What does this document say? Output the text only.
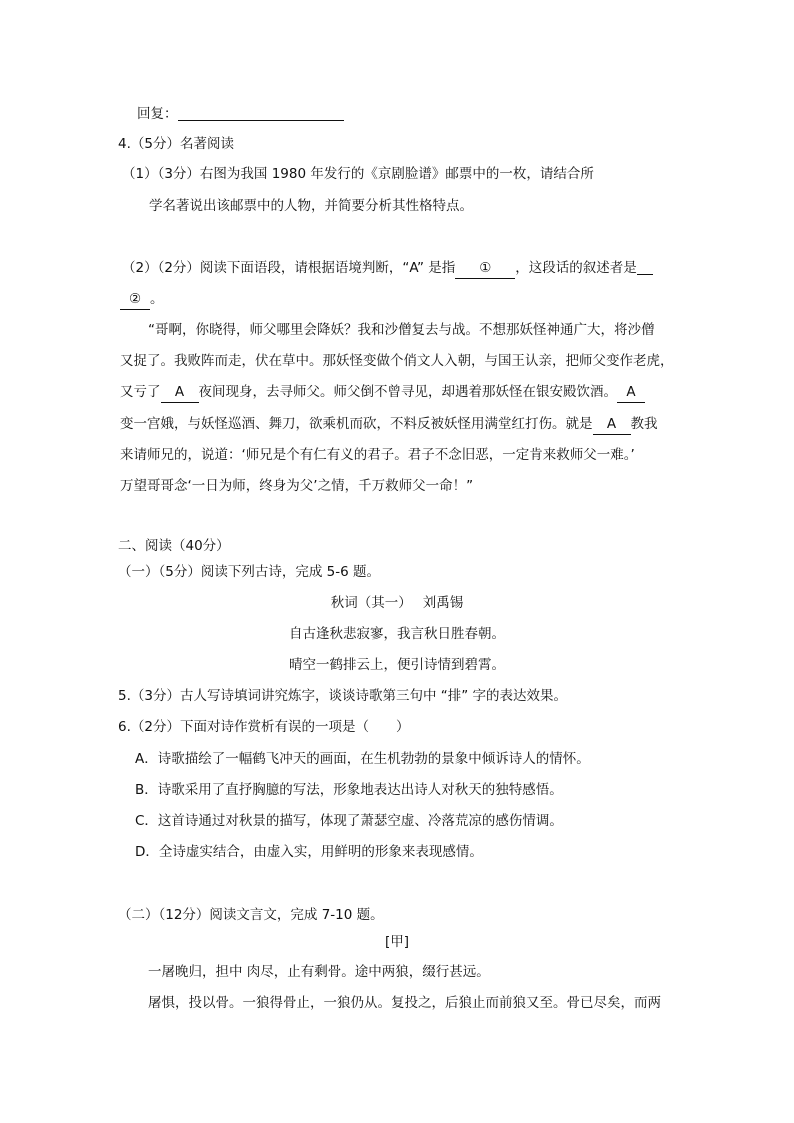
回复：
4.（5分）名著阅读
（1）（3分）右图为我国 1980 年发行的《京剧脸谱》邮票中的一枚，请结合所
学名著说出该邮票中的人物，并简要分析其性格特点。
（2）（2分）阅读下面语段，请根据语境判断，“A” 是指 ① ，这段话的叙述者是
② 。
“哥啊，你晓得，师父哪里会降妖？我和沙僧复去与战。不想那妖怪神通广大，将沙僧
又捉了。我败阵而走，伏在草中。那妖怪变做个俏文人入朝，与国王认亲，把师父变作老虎，
又亏了 A 夜间现身，去寻师父。师父倒不曾寻见，却遇着那妖怪在银安殿饮酒。 A
变一宫娥，与妖怪巡酒、舞刀，欲乘机而砍，不料反被妖怪用满堂红打伤。就是 A 教我
来请师兄的，说道：‘师兄是个有仁有义的君子。君子不念旧恶，一定肯来救师父一难。’
万望哥哥念‘一日为师，终身为父’之情，千万救师父一命！”
二、阅读（40分）
（一）（5分）阅读下列古诗，完成 5-6 题。
秋词（其一）　 刘禹锡
自古逢秋悲寂寥，我言秋日胜春朝。
晴空一鹤排云上，便引诗情到碧霄。
5.（3分）古人写诗填词讲究炼字，谈谈诗歌第三句中 “排” 字的表达效果。
6.（2分）下面对诗作赏析有误的一项是（　　）
A．诗歌描绘了一幅鹤飞冲天的画面，在生机勃勃的景象中倾诉诗人的情怀。
B．诗歌采用了直抒胸臆的写法，形象地表达出诗人对秋天的独特感悟。
C．这首诗通过对秋景的描写，体现了萧瑟空虚、冷落荒凉的感伤情调。
D．全诗虚实结合，由虚入实，用鲜明的形象来表现感情。
（二）（12分）阅读文言文，完成 7-10 题。
[甲]
一屠晚归，担中 肉尽，止有剩骨。途中两狼，缀行甚远。
屠惧，投以骨。一狼得骨止，一狼仍从。复投之，后狼止而前狼又至。骨已尽矣，而两
